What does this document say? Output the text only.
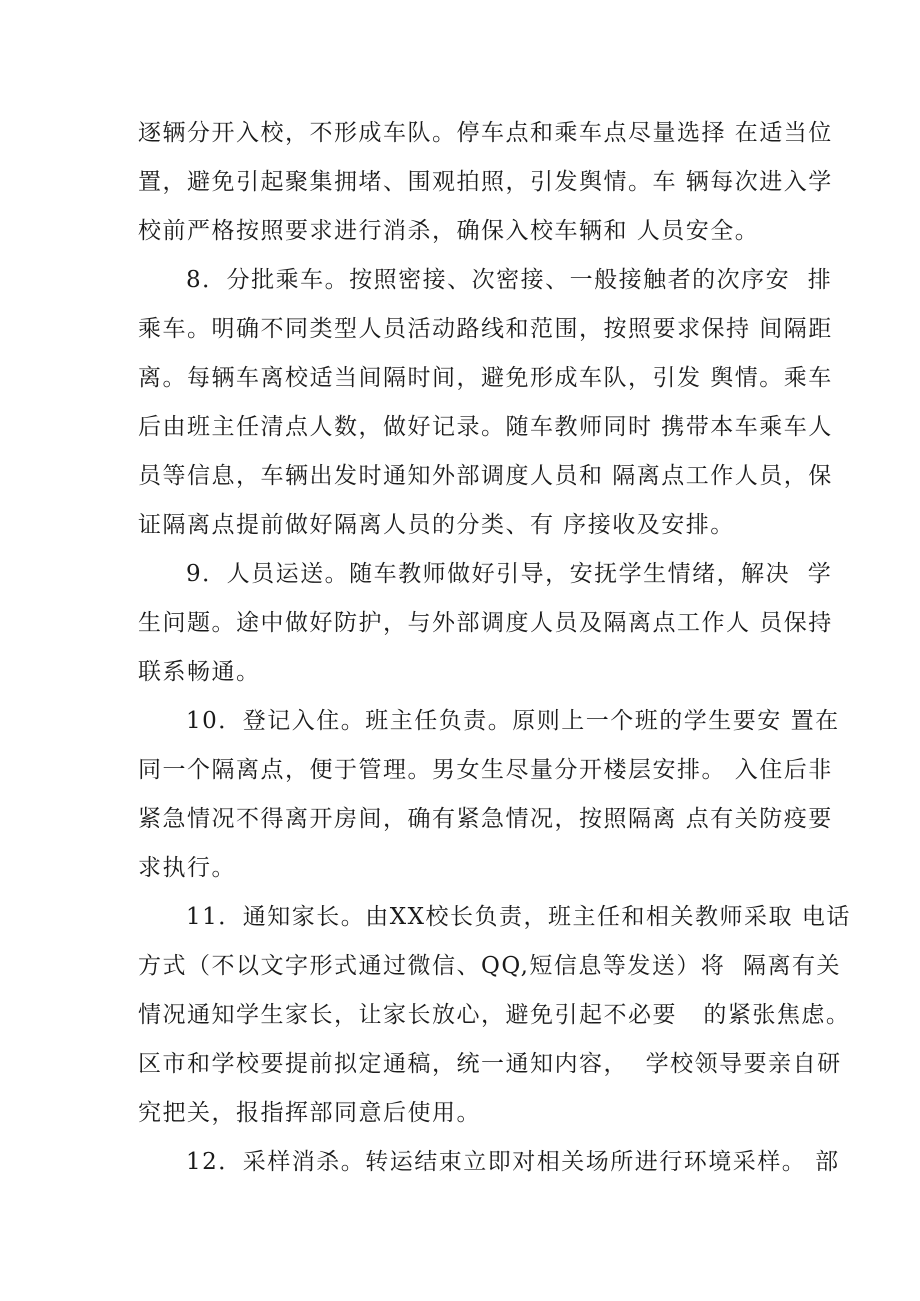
逐辆分开入校，不形成车队。停车点和乘车点尽量选择 在适当位
置，避免引起聚集拥堵、围观拍照，引发舆情。车 辆每次进入学
校前严格按照要求进行消杀，确保入校车辆和 人员安全。
8．分批乘车。按照密接、次密接、一般接触者的次序安  排
乘车。明确不同类型人员活动路线和范围，按照要求保持 间隔距
离。每辆车离校适当间隔时间，避免形成车队，引发 舆情。乘车
后由班主任清点人数，做好记录。随车教师同时 携带本车乘车人
员等信息，车辆出发时通知外部调度人员和 隔离点工作人员，保
证隔离点提前做好隔离人员的分类、有 序接收及安排。
9．人员运送。随车教师做好引导，安抚学生情绪，解决  学
生问题。途中做好防护，与外部调度人员及隔离点工作人 员保持
联系畅通。
10．登记入住。班主任负责。原则上一个班的学生要安 置在
同一个隔离点，便于管理。男女生尽量分开楼层安排。 入住后非
紧急情况不得离开房间，确有紧急情况，按照隔离 点有关防疫要
求执行。
11．通知家长。由XX校长负责，班主任和相关教师采取 电话
方式（不以文字形式通过微信、QQ,短信息等发送）将  隔离有关
情况通知学生家长，让家长放心，避免引起不必要   的紧张焦虑。
区市和学校要提前拟定通稿，统一通知内容，  学校领导要亲自研
究把关，报指挥部同意后使用。
12．采样消杀。转运结束立即对相关场所进行环境采样。 部
